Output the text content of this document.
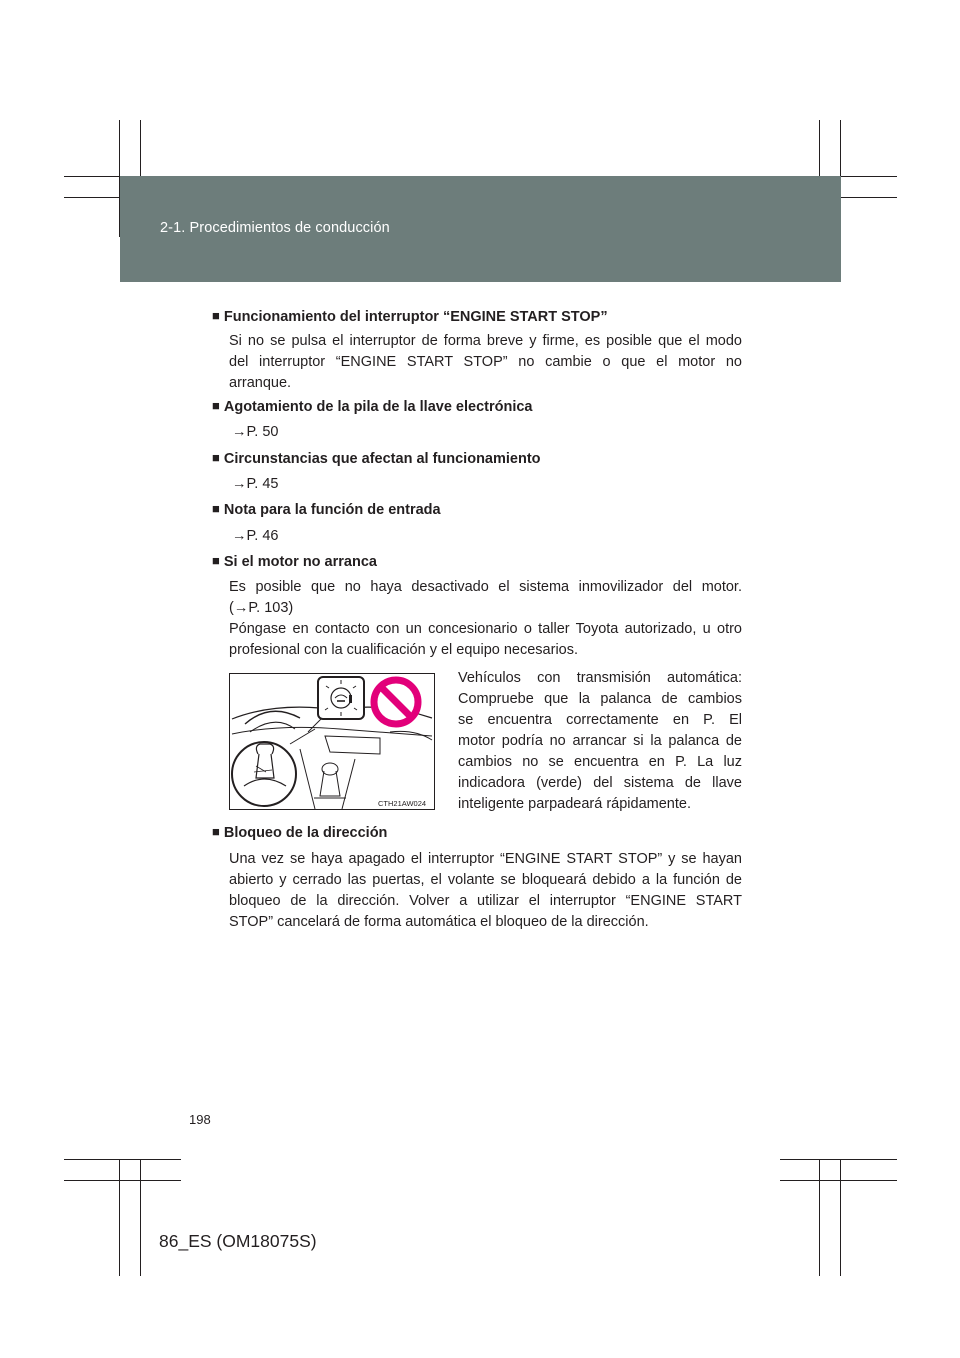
2-1. Procedimientos de conducción
■ Funcionamiento del interruptor “ENGINE START STOP”
Si no se pulsa el interruptor de forma breve y firme, es posible que el modo
del interruptor “ENGINE START STOP” no cambie o que el motor no
arranque.
■ Agotamiento de la pila de la llave electrónica
→P. 50
■ Circunstancias que afectan al funcionamiento
→P. 45
■ Nota para la función de entrada
→P. 46
■ Si el motor no arranca
Es posible que no haya desactivado el sistema inmovilizador del motor.
(→P. 103)
Póngase en contacto con un concesionario o taller Toyota autorizado, u otro
profesional con la cualificación y el equipo necesarios.
CTH21AW024
Vehículos con transmisión automática:
Compruebe que la palanca de cambios
se encuentra correctamente en P. El
motor podría no arrancar si la palanca de
cambios no se encuentra en P. La luz
indicadora (verde) del sistema de llave
inteligente parpadeará rápidamente.
■ Bloqueo de la dirección
Una vez se haya apagado el interruptor “ENGINE START STOP” y se hayan
abierto y cerrado las puertas, el volante se bloqueará debido a la función de
bloqueo de la dirección. Volver a utilizar el interruptor “ENGINE START
STOP” cancelará de forma automática el bloqueo de la dirección.
198
86_ES (OM18075S)
